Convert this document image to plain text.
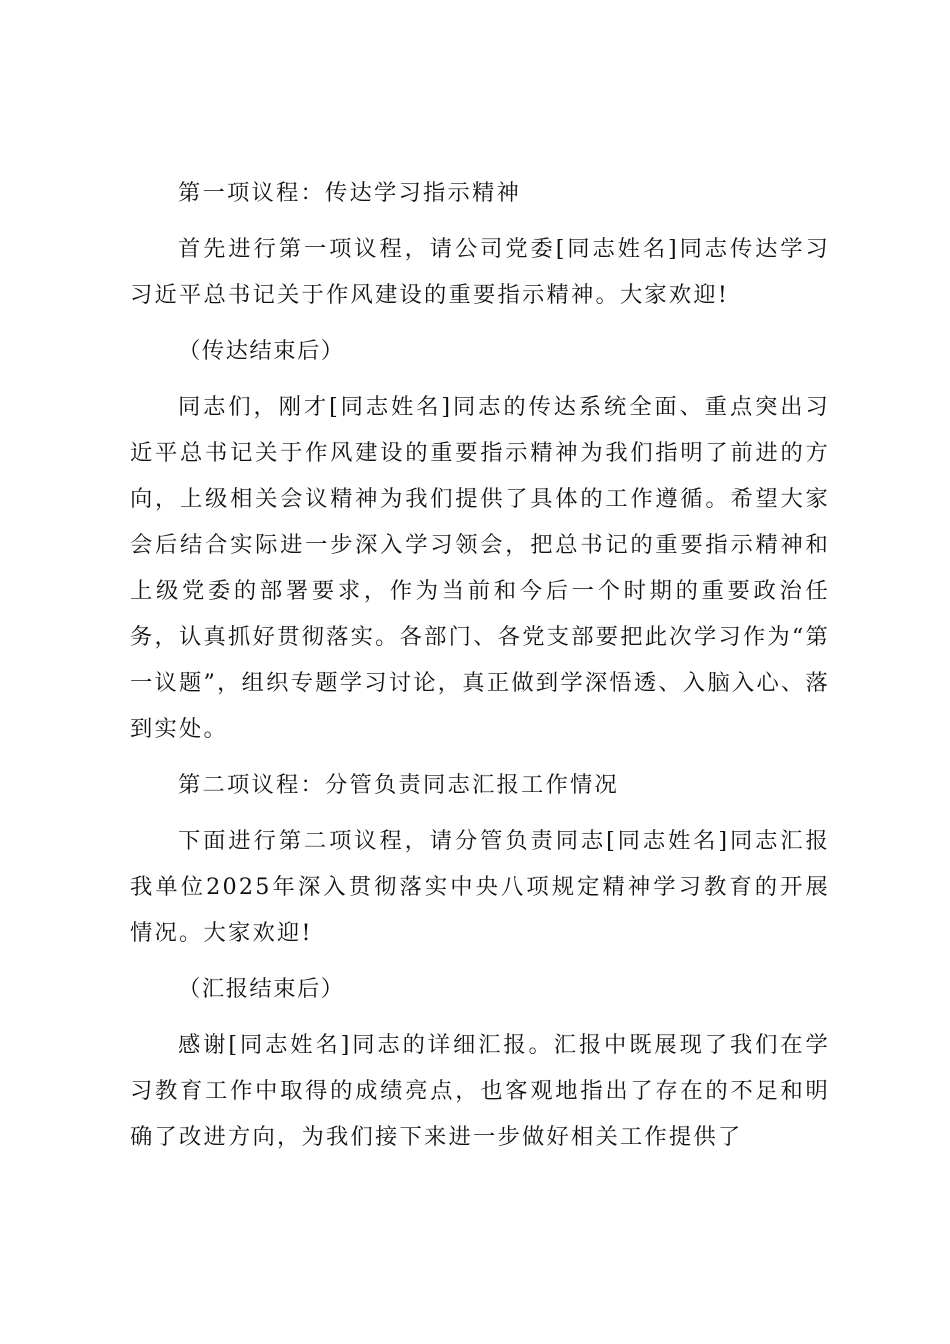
第一项议程：传达学习指示精神

首先进行第一项议程，请公司党委[同志姓名]同志传达学习习近平总书记关于作风建设的重要指示精神。大家欢迎!

（传达结束后）

同志们，刚才[同志姓名]同志的传达系统全面、重点突出习近平总书记关于作风建设的重要指示精神为我们指明了前进的方向，上级相关会议精神为我们提供了具体的工作遵循。希望大家会后结合实际进一步深入学习领会，把总书记的重要指示精神和上级党委的部署要求，作为当前和今后一个时期的重要政治任务，认真抓好贯彻落实。各部门、各党支部要把此次学习作为“第一议题”，组织专题学习讨论，真正做到学深悟透、入脑入心、落到实处。

第二项议程：分管负责同志汇报工作情况

下面进行第二项议程，请分管负责同志[同志姓名]同志汇报我单位2025年深入贯彻落实中央八项规定精神学习教育的开展情况。大家欢迎!

（汇报结束后）

感谢[同志姓名]同志的详细汇报。汇报中既展现了我们在学习教育工作中取得的成绩亮点，也客观地指出了存在的不足和明确了改进方向，为我们接下来进一步做好相关工作提供了
